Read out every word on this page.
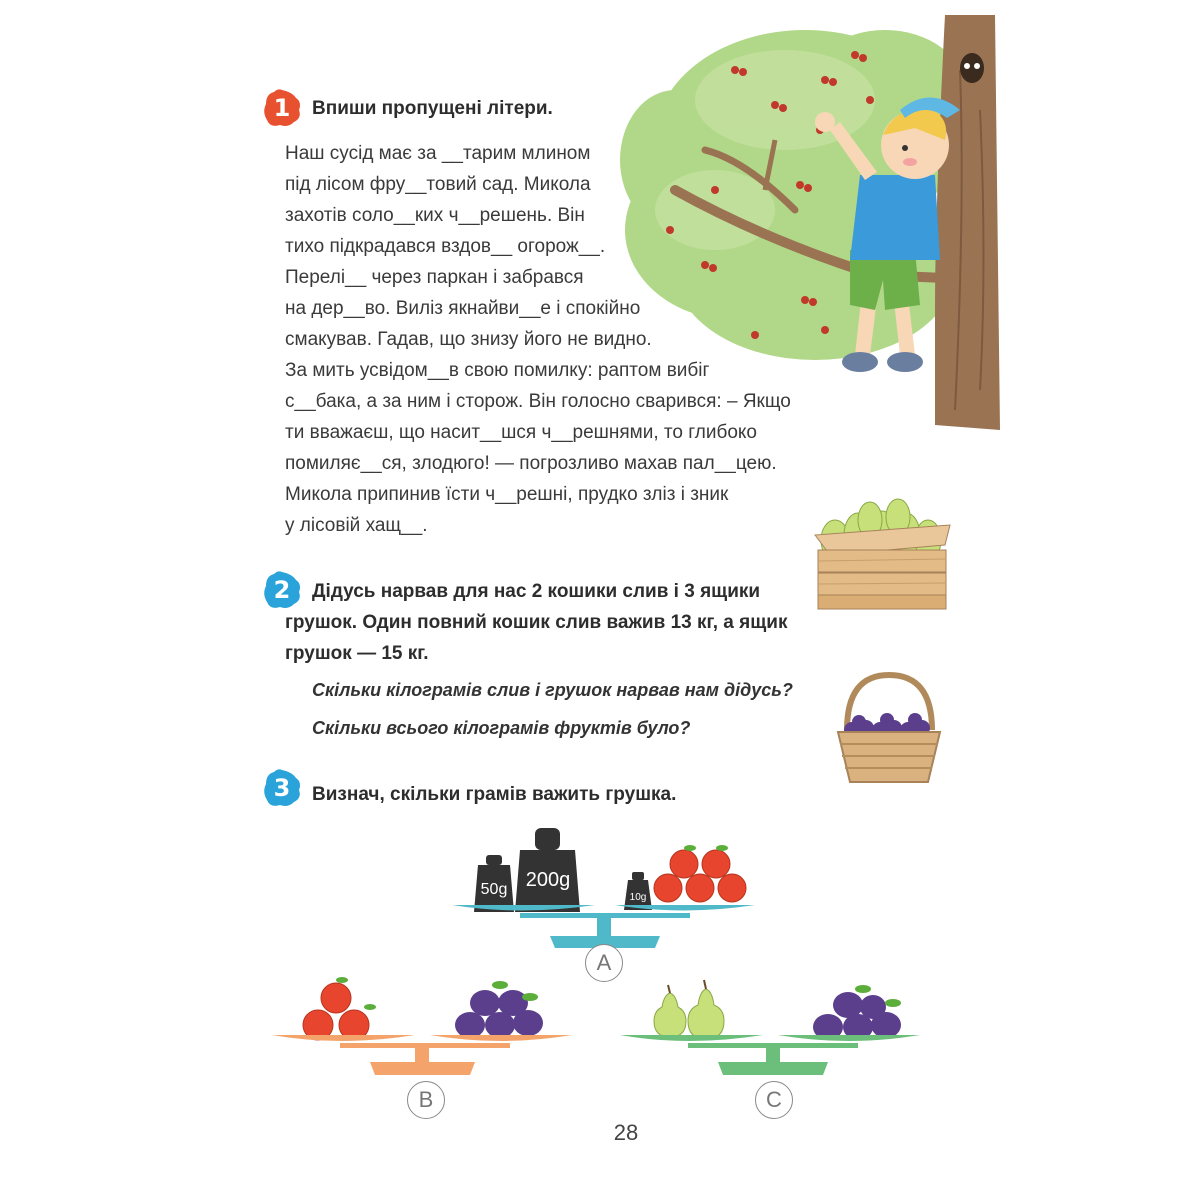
1 Впиши пропущені літери.
Наш сусід має за __тарим млином
під лісом фру__товий сад. Микола
захотів соло__ких ч__решень. Він
тихо підкрадався вздов__ огорож__.
Перелі__ через паркан і забрався
на дер__во. Виліз якнайви__е і спокійно
смакував. Гадав, що знизу його не видно.
За мить усвідом__в свою помилку: раптом вибіг
с__бака, а за ним і сторож. Він голосно сварився: – Якщо
ти вважаєш, що насит__шся ч__решнями, то глибоко
помиляє__ся, злодюго! — погрозливо махав пал__цею.
Микола припинив їсти ч__решні, прудко зліз і зник
у лісовій хащ__.
2 Дідусь нарвав для нас 2 кошики слив і 3 ящики
грушок. Один повний кошик слив важив 13 кг, а ящик
грушок — 15 кг.
Скільки кілограмів слив і грушок нарвав нам дідусь?
Скільки всього кілограмів фруктів було?
3 Визнач, скільки грамів важить грушка.
50g 200g
10g
A
B	C
28
